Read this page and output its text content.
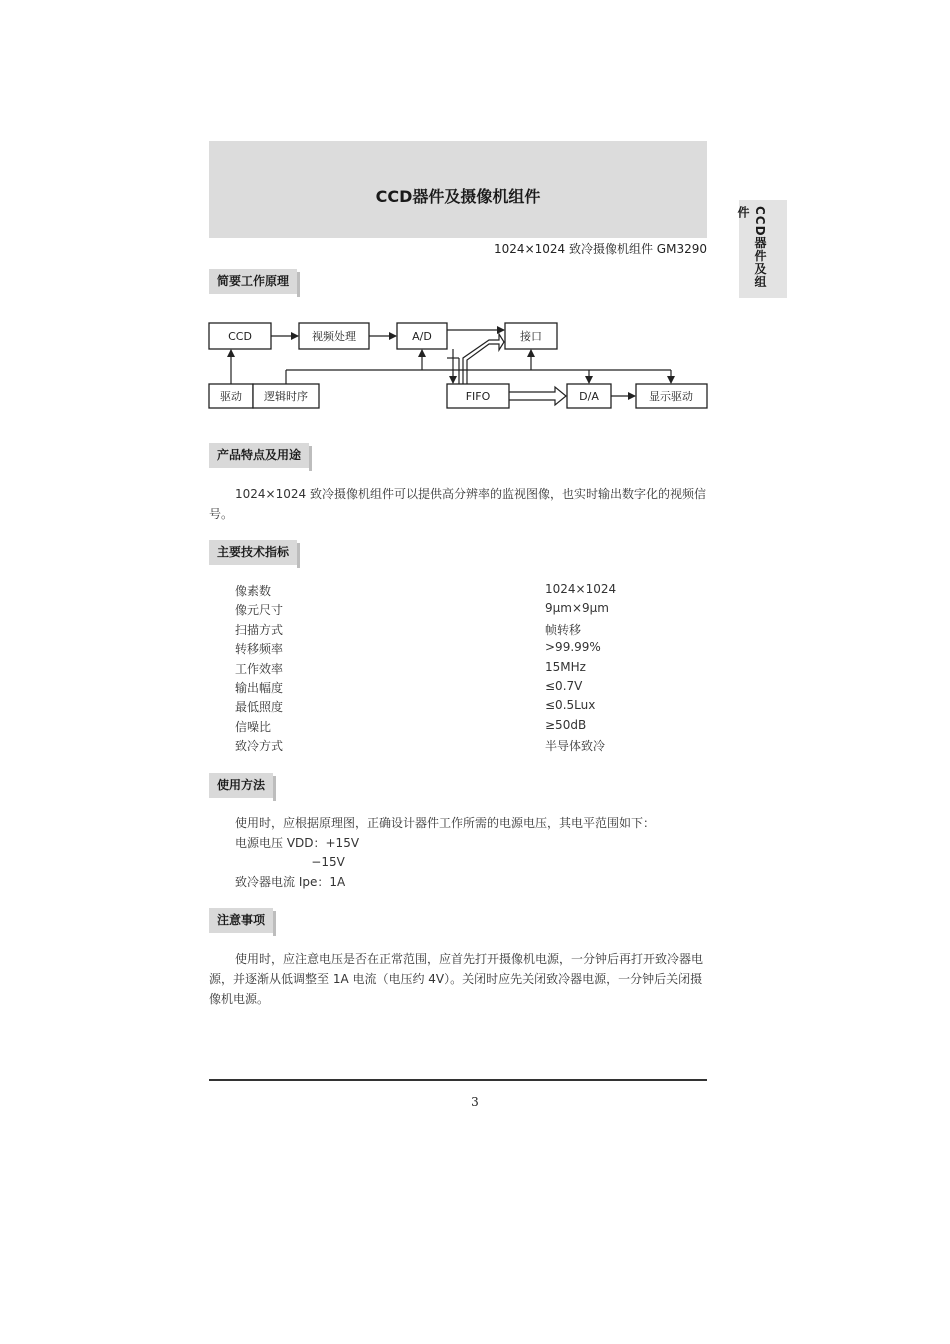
CCD器件及摄像机组件
CCD器件及组件
1024×1024 致冷摄像机组件 GM3290
简要工作原理
CCD	视频处理	A/D	接口
驱动 逻辑时序	FIFO	D/A	显示驱动
产品特点及用途
1024×1024 致冷摄像机组件可以提供高分辨率的监视图像，也实时输出数字化的视频信号。
主要技术指标
像素数	1024×1024
像元尺寸	9μm×9μm
扫描方式	帧转移
转移频率	>99.99%
工作效率	15MHz
输出幅度	≤0.7V
最低照度	≤0.5Lux
信噪比	≥50dB
致冷方式	半导体致冷
使用方法
使用时，应根据原理图，正确设计器件工作所需的电源电压，其电平范围如下：
电源电压 VDD：+15V
−15V
致冷器电流 Ipe：1A
注意事项
使用时，应注意电压是否在正常范围，应首先打开摄像机电源，一分钟后再打开致冷器电源，并逐渐从低调整至 1A 电流（电压约 4V）。关闭时应先关闭致冷器电源，一分钟后关闭摄像机电源。
3
